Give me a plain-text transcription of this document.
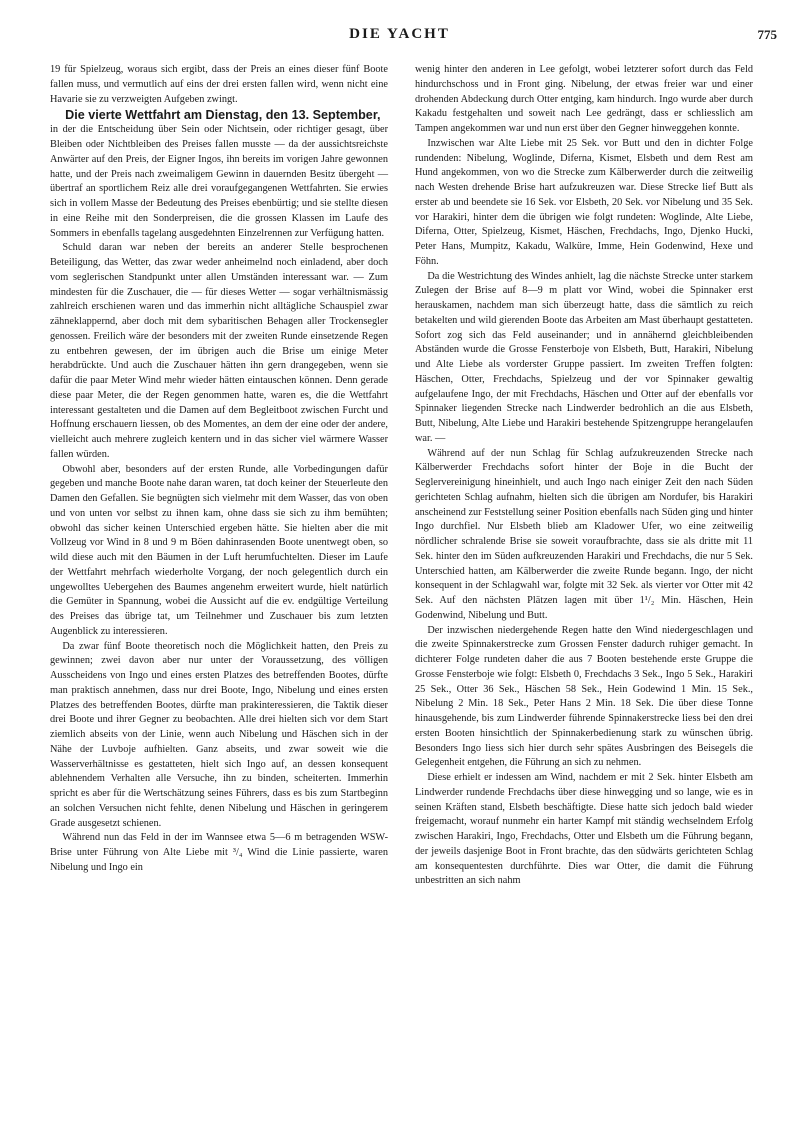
DIE YACHT	775

19 für Spielzeug, woraus sich ergibt, dass der Preis an eines dieser fünf Boote fallen muss, und vermutlich auf eins der drei ersten fallen wird, wenn nicht eine Havarie sie zu verzweigten Aufgeben zwingt.

Die vierte Wettfahrt am Dienstag, den 13. September,

in der die Entscheidung über Sein oder Nichtsein, oder richtiger gesagt, über Bleiben oder Nichtbleiben des Preises fallen musste — da der aussichtsreichste Anwärter auf den Preis, der Eigner Ingos, ihn bereits im vorigen Jahre gewonnen hatte, und der Preis nach zweimaligem Gewinn in dauernden Besitz übergeht — übertraf an sportlichem Reiz alle drei voraufgegangenen Wettfahrten. Sie erwies sich in vollem Masse der Bedeutung des Preises ebenbürtig; und sie stellte diesen in eine Reihe mit den Sonderpreisen, die die grossen Klassen im Laufe des Sommers in ebenfalls tagelang ausgedehnten Einzelrennen zur Verfügung hatten.

Schuld daran war neben der bereits an anderer Stelle besprochenen Beteiligung, das Wetter, das zwar weder anheimelnd noch einladend, aber doch vom seglerischen Standpunkt unter allen Umständen interessant war. — Zum mindesten für die Zuschauer, die — für dieses Wetter — sogar verhältnismässig zahlreich erschienen waren und das immerhin nicht alltägliche Schauspiel zwar zähneklappernd, aber doch mit dem sybaritischen Behagen aller Trockensegler genossen. Freilich wäre der besonders mit der zweiten Runde einsetzende Regen zu entbehren gewesen, der im übrigen auch die Brise um einige Meter herabdrückte. Und auch die Zuschauer hätten ihn gern drangegeben, wenn sie dafür die paar Meter Wind mehr wieder hätten eintauschen können. Denn gerade diese paar Meter, die der Regen genommen hatte, waren es, die die Wettfahrt interessant gestalteten und die Damen auf dem Begleitboot zwischen Furcht und Hoffnung erschauern liessen, ob des Momentes, an dem der eine oder der andere, vielleicht auch mehrere zugleich kentern und in das sicher viel wärmere Wasser fallen würden.

Obwohl aber, besonders auf der ersten Runde, alle Vorbedingungen dafür gegeben und manche Boote nahe daran waren, tat doch keiner der Steuerleute den Damen den Gefallen. Sie begnügten sich vielmehr mit dem Wasser, das von oben und von unten vor selbst zu ihnen kam, ohne dass sie sich zu ihm bemühten; obwohl das sicher keinen Unterschied ergeben hätte. Sie hielten aber die mit Vollzeug vor Wind in 8 und 9 m Böen dahinrasenden Boote unentwegt oben, so wild diese auch mit den Bäumen in der Luft herumfuchtelten. Dieser im Laufe der Wettfahrt mehrfach wiederholte Vorgang, der noch gelegentlich durch ein ungewolltes Uebergehen des Baumes angenehm erweitert wurde, hielt natürlich die Gemüter in Spannung, wobei die Aussicht auf die ev. endgültige Verteilung des Preises das übrige tat, um Teilnehmer und Zuschauer bis zum letzten Augenblick zu interessieren.

Da zwar fünf Boote theoretisch noch die Möglichkeit hatten, den Preis zu gewinnen; zwei davon aber nur unter der Voraussetzung, des völligen Ausscheidens von Ingo und eines ersten Platzes des betreffenden Bootes, dürfte man praktisch annehmen, dass nur drei Boote, Ingo, Nibelung und eines ersten Platzes des betreffenden Bootes, dürfte man prakinteressieren, die Taktik dieser drei Boote und ihrer Gegner zu beobachten. Alle drei hielten sich vor dem Start ziemlich abseits von der Linie, wenn auch Nibelung und Häschen sich in der Nähe der Luvboje aufhielten. Ganz abseits, und zwar soweit wie die Wasserverhältnisse es gestatteten, hielt sich Ingo auf, an dessen konsequent ablehnendem Verhalten alle Versuche, ihn zu binden, scheiterten. Immerhin spricht es aber für die Wertschätzung seines Führers, dass es bis zum Startbeginn an solchen Versuchen nicht fehlte, denen Nibelung und Häschen in geringerem Grade ausgesetzt schienen.

Während nun das Feld in der im Wannsee etwa 5—6 m betragenden WSW-Brise unter Führung von Alte Liebe mit ³/₄ Wind die Linie passierte, waren Nibelung und Ingo ein

wenig hinter den anderen in Lee gefolgt, wobei letzterer sofort durch das Feld hindurchschoss und in Front ging. Nibelung, der etwas freier war und einer drohenden Abdeckung durch Otter entging, kam hindurch. Ingo wurde aber durch Kakadu festgehalten und soweit nach Lee gedrängt, dass er schliesslich am Tampen angekommen war und nun erst über den Gegner hinweggehen konnte.

Inzwischen war Alte Liebe mit 25 Sek. vor Butt und den in dichter Folge rundenden: Nibelung, Woglinde, Diferna, Kismet, Elsbeth und dem Rest am Hund angekommen, von wo die Strecke zum Kälberwerder durch die zeitweilig nach Westen drehende Brise hart aufzukreuzen war. Diese Strecke lief Butt als erster ab und beendete sie 16 Sek. vor Elsbeth, 20 Sek. vor Nibelung und 35 Sek. vor Harakiri, hinter dem die übrigen wie folgt rundeten: Woglinde, Alte Liebe, Diferna, Otter, Spielzeug, Kismet, Häschen, Frechdachs, Ingo, Djenko Hucki, Peter Hans, Mumpitz, Kakadu, Walküre, Imme, Hein Godenwind, Hexe und Föhn.

Da die Westrichtung des Windes anhielt, lag die nächste Strecke unter starkem Zulegen der Brise auf 8—9 m platt vor Wind, wobei die Spinnaker erst herauskamen, nachdem man sich überzeugt hatte, dass die sämtlich zu reich betakelten und wild gierenden Boote das Arbeiten am Mast überhaupt gestatteten. Sofort zog sich das Feld auseinander; und in annähernd gleichbleibenden Abständen wurde die Grosse Fensterboje von Elsbeth, Butt, Harakiri, Nibelung und Alte Liebe als vorderster Gruppe passiert. Im zweiten Treffen folgten: Häschen, Otter, Frechdachs, Spielzeug und der vor Spinnaker gewaltig aufgelaufene Ingo, der mit Frechdachs, Häschen und Otter auf der ebenfalls vor Spinnaker liegenden Strecke nach Lindwerder bedrohlich an die aus Elsbeth, Butt, Nibelung, Alte Liebe und Harakiri bestehende Spitzengruppe herangelaufen war. —

Während auf der nun Schlag für Schlag aufzukreuzenden Strecke nach Kälberwerder Frechdachs sofort hinter der Boje in die Bucht der Seglervereinigung hineinhielt, und auch Ingo nach einiger Zeit den nach Süden gerichteten Schlag aufnahm, hielten sich die übrigen am Nordufer, bis Harakiri anscheinend zur Feststellung seiner Position ebenfalls nach Süden ging und hinter Ingo durchfiel. Nur Elsbeth blieb am Kladower Ufer, wo eine zeitweilig nördlicher schralende Brise sie soweit voraufbrachte, dass sie als dritte mit 11 Sek. hinter den im Süden aufkreuzenden Harakiri und Frechdachs, die nur 5 Sek. Unterschied hatten, am Kälberwerder die zweite Runde begann. Ingo, der nicht konsequent in der Schlagwahl war, folgte mit 32 Sek. als vierter vor Otter mit 42 Sek. Auf den nächsten Plätzen lagen mit über 1¹/₂ Min. Häschen, Hein Godenwind, Nibelung und Butt.

Der inzwischen niedergehende Regen hatte den Wind niedergeschlagen und die zweite Spinnakerstrecke zum Grossen Fenster dadurch ruhiger gemacht. In dichterer Folge rundeten daher die aus 7 Booten bestehende erste Gruppe die Grosse Fensterboje wie folgt: Elsbeth 0, Frechdachs 3 Sek., Ingo 5 Sek., Harakiri 25 Sek., Otter 36 Sek., Häschen 58 Sek., Hein Godewind 1 Min. 15 Sek., Nibelung 2 Min. 18 Sek., Peter Hans 2 Min. 18 Sek. Die über diese Tonne hinausgehende, bis zum Lindwerder führende Spinnakerstrecke liess bei den drei ersten Booten hinsichtlich der Spinnakerbedienung stark zu wünschen übrig. Besonders Ingo liess sich hier durch sehr spätes Ausbringen des Beisegels die Gelegenheit entgehen, die Führung an sich zu nehmen.

Diese erhielt er indessen am Wind, nachdem er mit 2 Sek. hinter Elsbeth am Lindwerder rundende Frechdachs über diese hinwegging und so lange, wie es in seinen Kräften stand, Elsbeth beschäftigte. Diese hatte sich jedoch bald wieder freigemacht, worauf nunmehr ein harter Kampf mit ständig wechselndem Erfolg zwischen Harakiri, Ingo, Frechdachs, Otter und Elsbeth um die Führung begann, der jeweils dasjenige Boot in Front brachte, das den südwärts gerichteten Schlag am konsequentesten durchführte. Dies war Otter, die damit die Führung unbestritten an sich nahm
